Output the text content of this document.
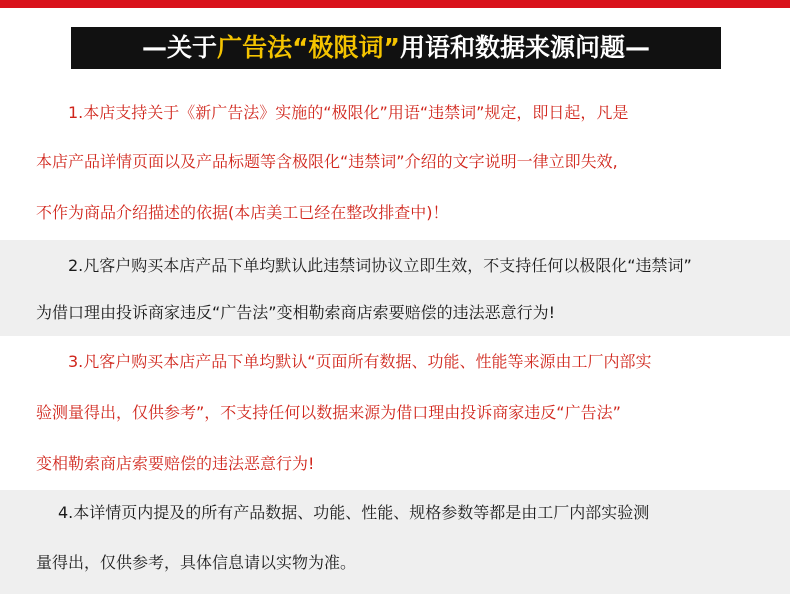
—关于广告法“极限词”用语和数据来源问题—
1.本店支持关于《新广告法》实施的“极限化”用语“违禁词”规定，即日起，凡是
本店产品详情页面以及产品标题等含极限化“违禁词”介绍的文字说明一律立即失效,
不作为商品介绍描述的依据(本店美工已经在整改排查中)！
2.凡客户购买本店产品下单均默认此违禁词协议立即生效，不支持任何以极限化“违禁词”
为借口理由投诉商家违反“广告法”变相勒索商店索要赔偿的违法恶意行为!
3.凡客户购买本店产品下单均默认“页面所有数据、功能、性能等来源由工厂内部实
验测量得出，仅供参考”，不支持任何以数据来源为借口理由投诉商家违反“广告法”
变相勒索商店索要赔偿的违法恶意行为!
4.本详情页内提及的所有产品数据、功能、性能、规格参数等都是由工厂内部实验测
量得出，仅供参考，具体信息请以实物为准。
